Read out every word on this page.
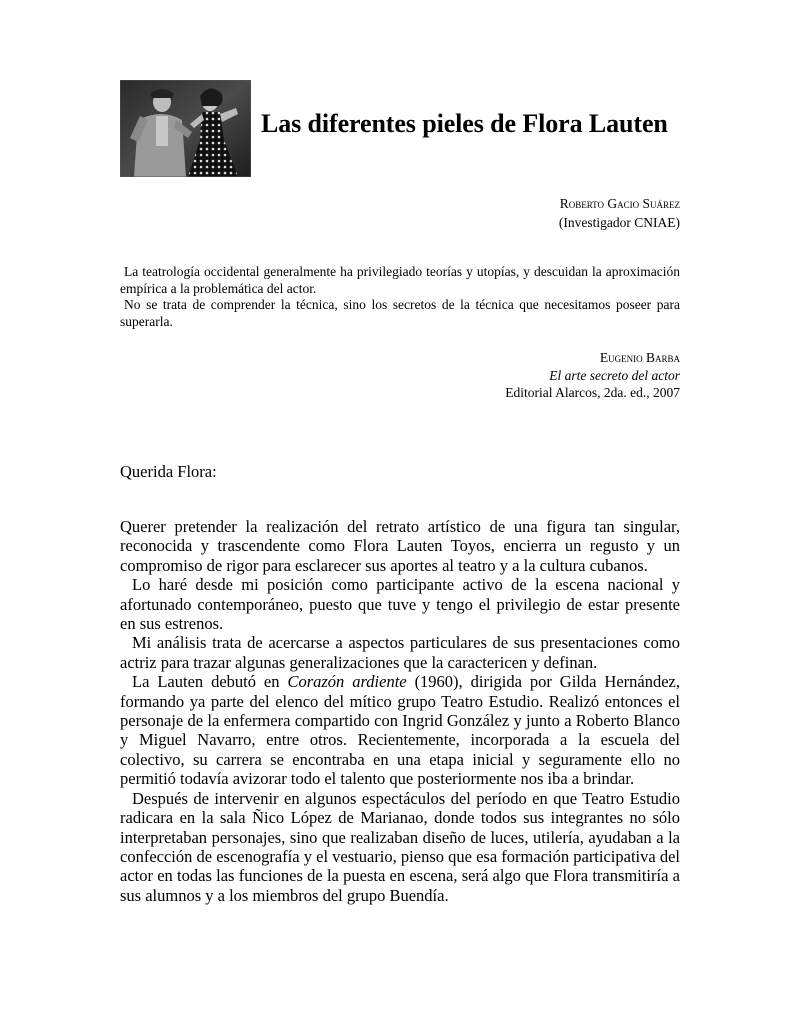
Las diferentes pieles de Flora Lauten
Roberto Gacio Suárez
(Investigador CNIAE)

La teatrología occidental generalmente ha privilegiado teorías y utopías, y descuidan la aproximación empírica a la problemática del actor.

No se trata de comprender la técnica, sino los secretos de la técnica que necesitamos poseer para superarla.

Eugenio Barba
El arte secreto del actor
Editorial Alarcos, 2da. ed., 2007
Querida Flora:

Querer pretender la realización del retrato artístico de una figura tan singular, reconocida y trascendente como Flora Lauten Toyos, encierra un regusto y un compromiso de rigor para esclarecer sus aportes al teatro y a la cultura cubanos.

Lo haré desde mi posición como participante activo de la escena nacional y afortunado contemporáneo, puesto que tuve y tengo el privilegio de estar presente en sus estrenos.

Mi análisis trata de acercarse a aspectos particulares de sus presentaciones como actriz para trazar algunas generalizaciones que la caractericen y definan.

La Lauten debutó en Corazón ardiente (1960), dirigida por Gilda Hernández, formando ya parte del elenco del mítico grupo Teatro Estudio. Realizó entonces el personaje de la enfermera compartido con Ingrid González y junto a Roberto Blanco y Miguel Navarro, entre otros. Recientemente, incorporada a la escuela del colectivo, su carrera se encontraba en una etapa inicial y seguramente ello no permitió todavía avizorar todo el talento que posteriormente nos iba a brindar.

Después de intervenir en algunos espectáculos del período en que Teatro Estudio radicara en la sala Ñico López de Marianao, donde todos sus integrantes no sólo interpretaban personajes, sino que realizaban diseño de luces, utilería, ayudaban a la confección de escenografía y el vestuario, pienso que esa formación participativa del actor en todas las funciones de la puesta en escena, será algo que Flora transmitiría a sus alumnos y a los miembros del grupo Buendía.
